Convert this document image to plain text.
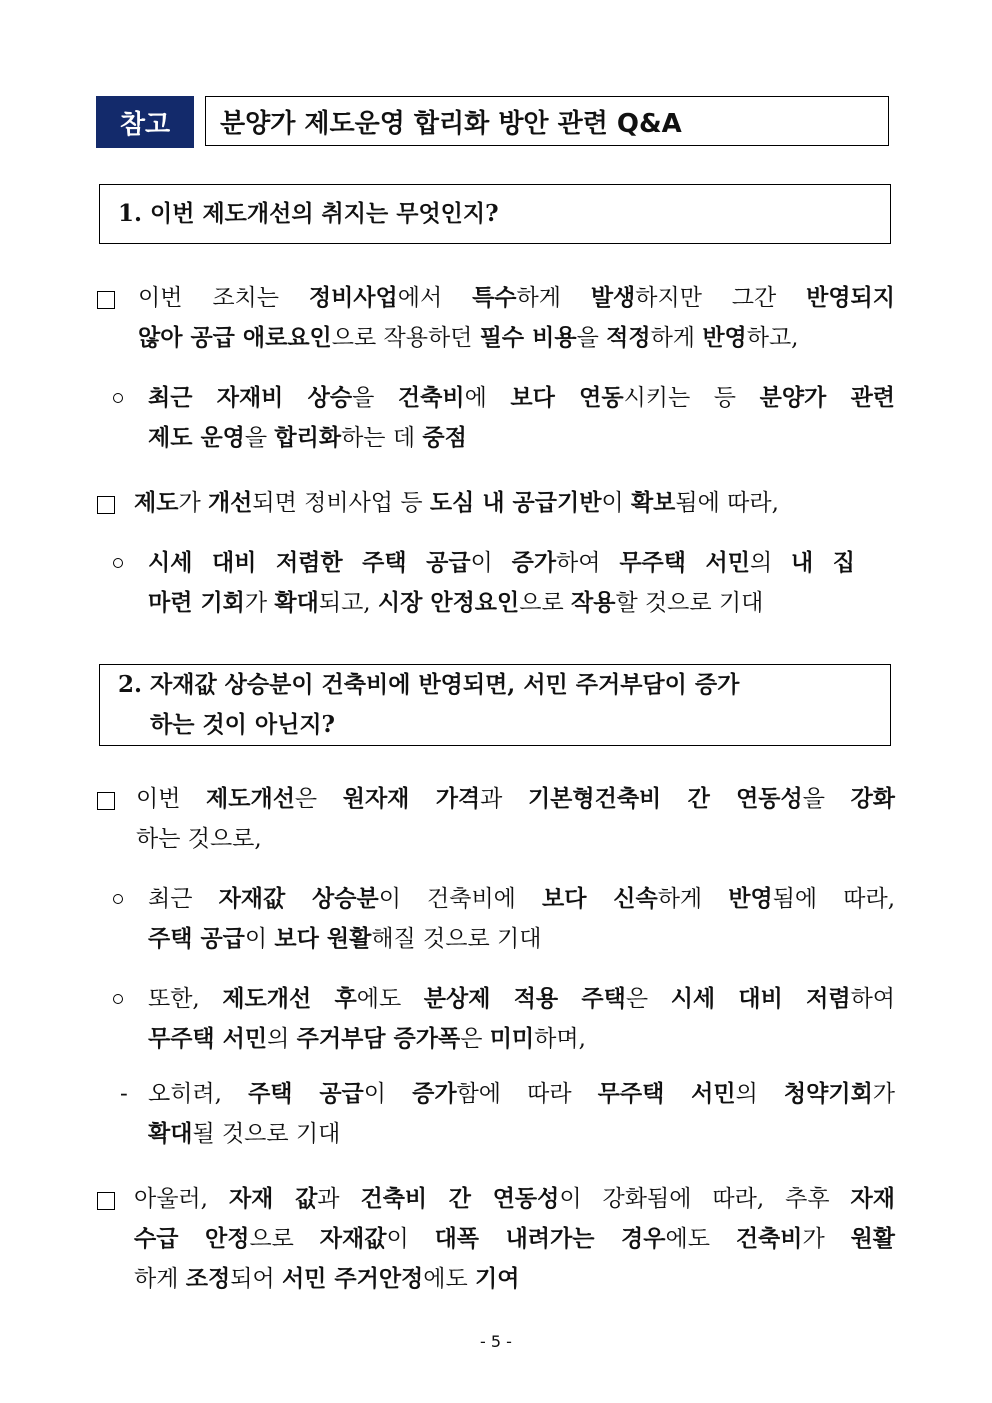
참고	분양가 제도운영 합리화 방안 관련 Q&A
1. 이번 제도개선의 취지는 무엇인지?
이번 조치는 정비사업에서 특수하게 발생하지만 그간 반영되지
않아 공급 애로요인으로 작용하던 필수 비용을 적정하게 반영하고,
최근 자재비 상승을 건축비에 보다 연동시키는 등 분양가 관련
제도 운영을 합리화하는 데 중점
제도가 개선되면 정비사업 등 도심 내 공급기반이 확보됨에 따라,
시세 대비 저렴한 주택 공급이 증가하여 무주택 서민의 내 집
마련 기회가 확대되고, 시장 안정요인으로 작용할 것으로 기대
2. 자재값 상승분이 건축비에 반영되면, 서민 주거부담이 증가
하는 것이 아닌지?
이번 제도개선은 원자재 가격과 기본형건축비 간 연동성을 강화
하는 것으로,
최근 자재값 상승분이 건축비에 보다 신속하게 반영됨에 따라,
주택 공급이 보다 원활해질 것으로 기대
또한, 제도개선 후에도 분상제 적용 주택은 시세 대비 저렴하여
무주택 서민의 주거부담 증가폭은 미미하며,
- 오히려, 주택 공급이 증가함에 따라 무주택 서민의 청약기회가
확대될 것으로 기대
아울러, 자재 값과 건축비 간 연동성이 강화됨에 따라, 추후 자재
수급 안정으로 자재값이 대폭 내려가는 경우에도 건축비가 원활
하게 조정되어 서민 주거안정에도 기여
- 5 -
